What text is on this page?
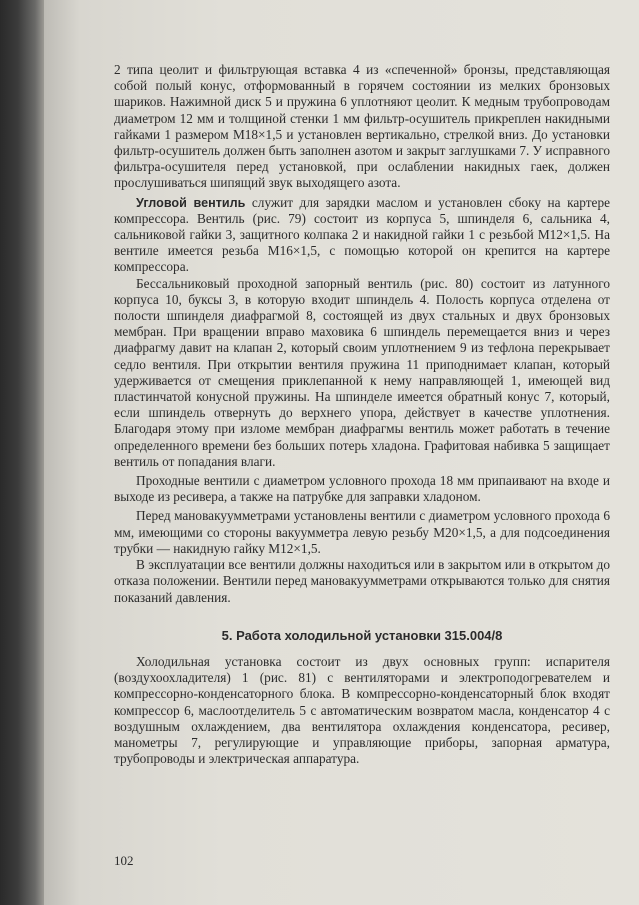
2 типа цеолит и фильтрующая вставка 4 из «спеченной» бронзы, представляющая собой полый конус, отформованный в горячем состоянии из мелких бронзовых шариков. Нажимной диск 5 и пружина 6 уплотняют цеолит. К медным трубопроводам диаметром 12 мм и толщиной стенки 1 мм фильтр-осушитель прикреплен накидными гайками 1 размером М18×1,5 и установлен вертикально, стрелкой вниз. До установки фильтр-осушитель должен быть заполнен азотом и закрыт заглушками 7. У исправного фильтра-осушителя перед установкой, при ослаблении накидных гаек, должен прослушиваться шипящий звук выходящего азота.

Угловой вентиль служит для зарядки маслом и установлен сбоку на картере компрессора. Вентиль (рис. 79) состоит из корпуса 5, шпинделя 6, сальника 4, сальниковой гайки 3, защитного колпака 2 и накидной гайки 1 с резьбой М12×1,5. На вентиле имеется резьба М16×1,5, с помощью которой он крепится на картере компрессора.

Бессальниковый проходной запорный вентиль (рис. 80) состоит из латунного корпуса 10, буксы 3, в которую входит шпиндель 4. Полость корпуса отделена от полости шпинделя диафрагмой 8, состоящей из двух стальных и двух бронзовых мембран. При вращении вправо маховика 6 шпиндель перемещается вниз и через диафрагму давит на клапан 2, который своим уплотнением 9 из тефлона перекрывает седло вентиля. При открытии вентиля пружина 11 приподнимает клапан, который удерживается от смещения приклепанной к нему направляющей 1, имеющей вид пластинчатой конусной пружины. На шпинделе имеется обратный конус 7, который, если шпиндель отвернуть до верхнего упора, действует в качестве уплотнения. Благодаря этому при изломе мембран диафрагмы вентиль может работать в течение определенного времени без больших потерь хладона. Графитовая набивка 5 защищает вентиль от попадания влаги.

Проходные вентили с диаметром условного прохода 18 мм припаивают на входе и выходе из ресивера, а также на патрубке для заправки хладоном.

Перед мановакуумметрами установлены вентили с диаметром условного прохода 6 мм, имеющими со стороны вакуумметра левую резьбу М20×1,5, а для подсоединения трубки — накидную гайку М12×1,5.

В эксплуатации все вентили должны находиться или в закрытом или в открытом до отказа положении. Вентили перед мановакуумметрами открываются только для снятия показаний давления.

5. Работа холодильной установки 315.004/8

Холодильная установка состоит из двух основных групп: испарителя (воздухоохладителя) 1 (рис. 81) с вентиляторами и электроподогревателем и компрессорно-конденсаторного блока. В компрессорно-конденсаторный блок входят компрессор 6, маслоотделитель 5 с автоматическим возвратом масла, конденсатор 4 с воздушным охлаждением, два вентилятора охлаждения конденсатора, ресивер, манометры 7, регулирующие и управляющие приборы, запорная арматура, трубопроводы и электрическая аппаратура.

102
